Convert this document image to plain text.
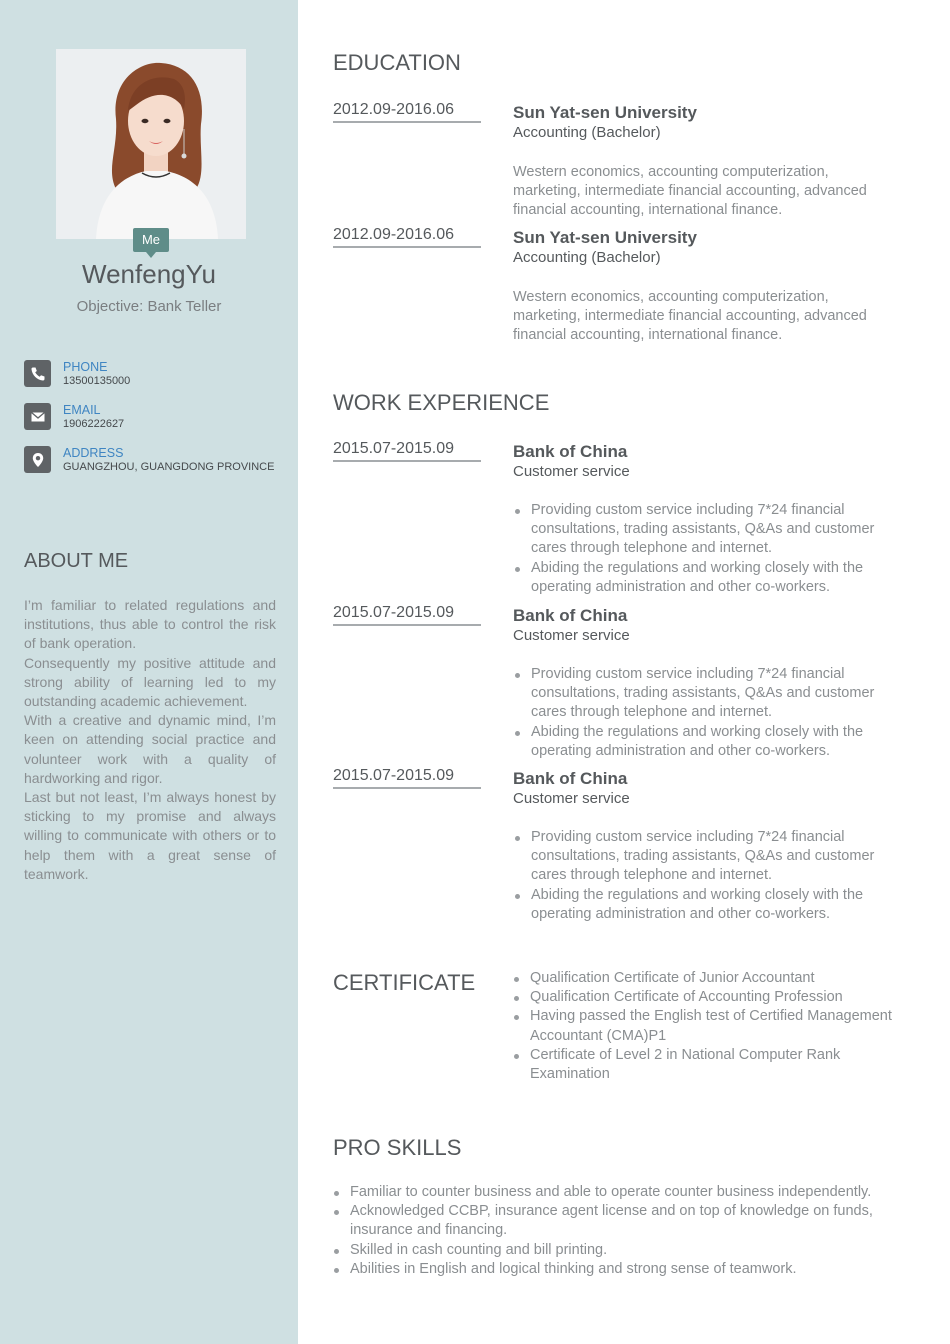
Me
WenfengYu
Objective: Bank Teller
PHONE
13500135000
EMAIL
1906222627
ADDRESS
GUANGZHOU, GUANGDONG PROVINCE
ABOUT ME

I’m familiar to related regulations and institutions, thus able to control the risk of bank operation.

Consequently my positive attitude and strong ability of learning led to my outstanding academic achievement.

With a creative and dynamic mind, I’m keen on attending social practice and volunteer work with a quality of hardworking and rigor.

Last but not least, I’m always honest by sticking to my promise and always willing to communicate with others or to help them with a great sense of teamwork.

EDUCATION
2012.09-2016.06	Sun Yat-sen University
Accounting (Bachelor)
Western economics, accounting computerization, marketing, intermediate financial accounting, advanced financial accounting, international finance.
2012.09-2016.06	Sun Yat-sen University
Accounting (Bachelor)
Western economics, accounting computerization, marketing, intermediate financial accounting, advanced financial accounting, international finance.
WORK EXPERIENCE
2015.07-2015.09	Bank of China
Customer service
Providing custom service including 7*24 financial consultations, trading assistants, Q&As and customer cares through telephone and internet.
Abiding the regulations and working closely with the operating administration and other co-workers.
2015.07-2015.09	Bank of China
Customer service
Providing custom service including 7*24 financial consultations, trading assistants, Q&As and customer cares through telephone and internet.
Abiding the regulations and working closely with the operating administration and other co-workers.
2015.07-2015.09	Bank of China
Customer service
Providing custom service including 7*24 financial consultations, trading assistants, Q&As and customer cares through telephone and internet.
Abiding the regulations and working closely with the operating administration and other co-workers.
CERTIFICATE	Qualification Certificate of Junior Accountant
Qualification Certificate of Accounting Profession
Having passed the English test of Certified Management Accountant (CMA)P1
Certificate of Level 2 in National Computer Rank Examination
PRO SKILLS
Familiar to counter business and able to operate counter business independently.
Acknowledged CCBP, insurance agent license and on top of knowledge on funds, insurance and financing.
Skilled in cash counting and bill printing.
Abilities in English and logical thinking and strong sense of teamwork.
